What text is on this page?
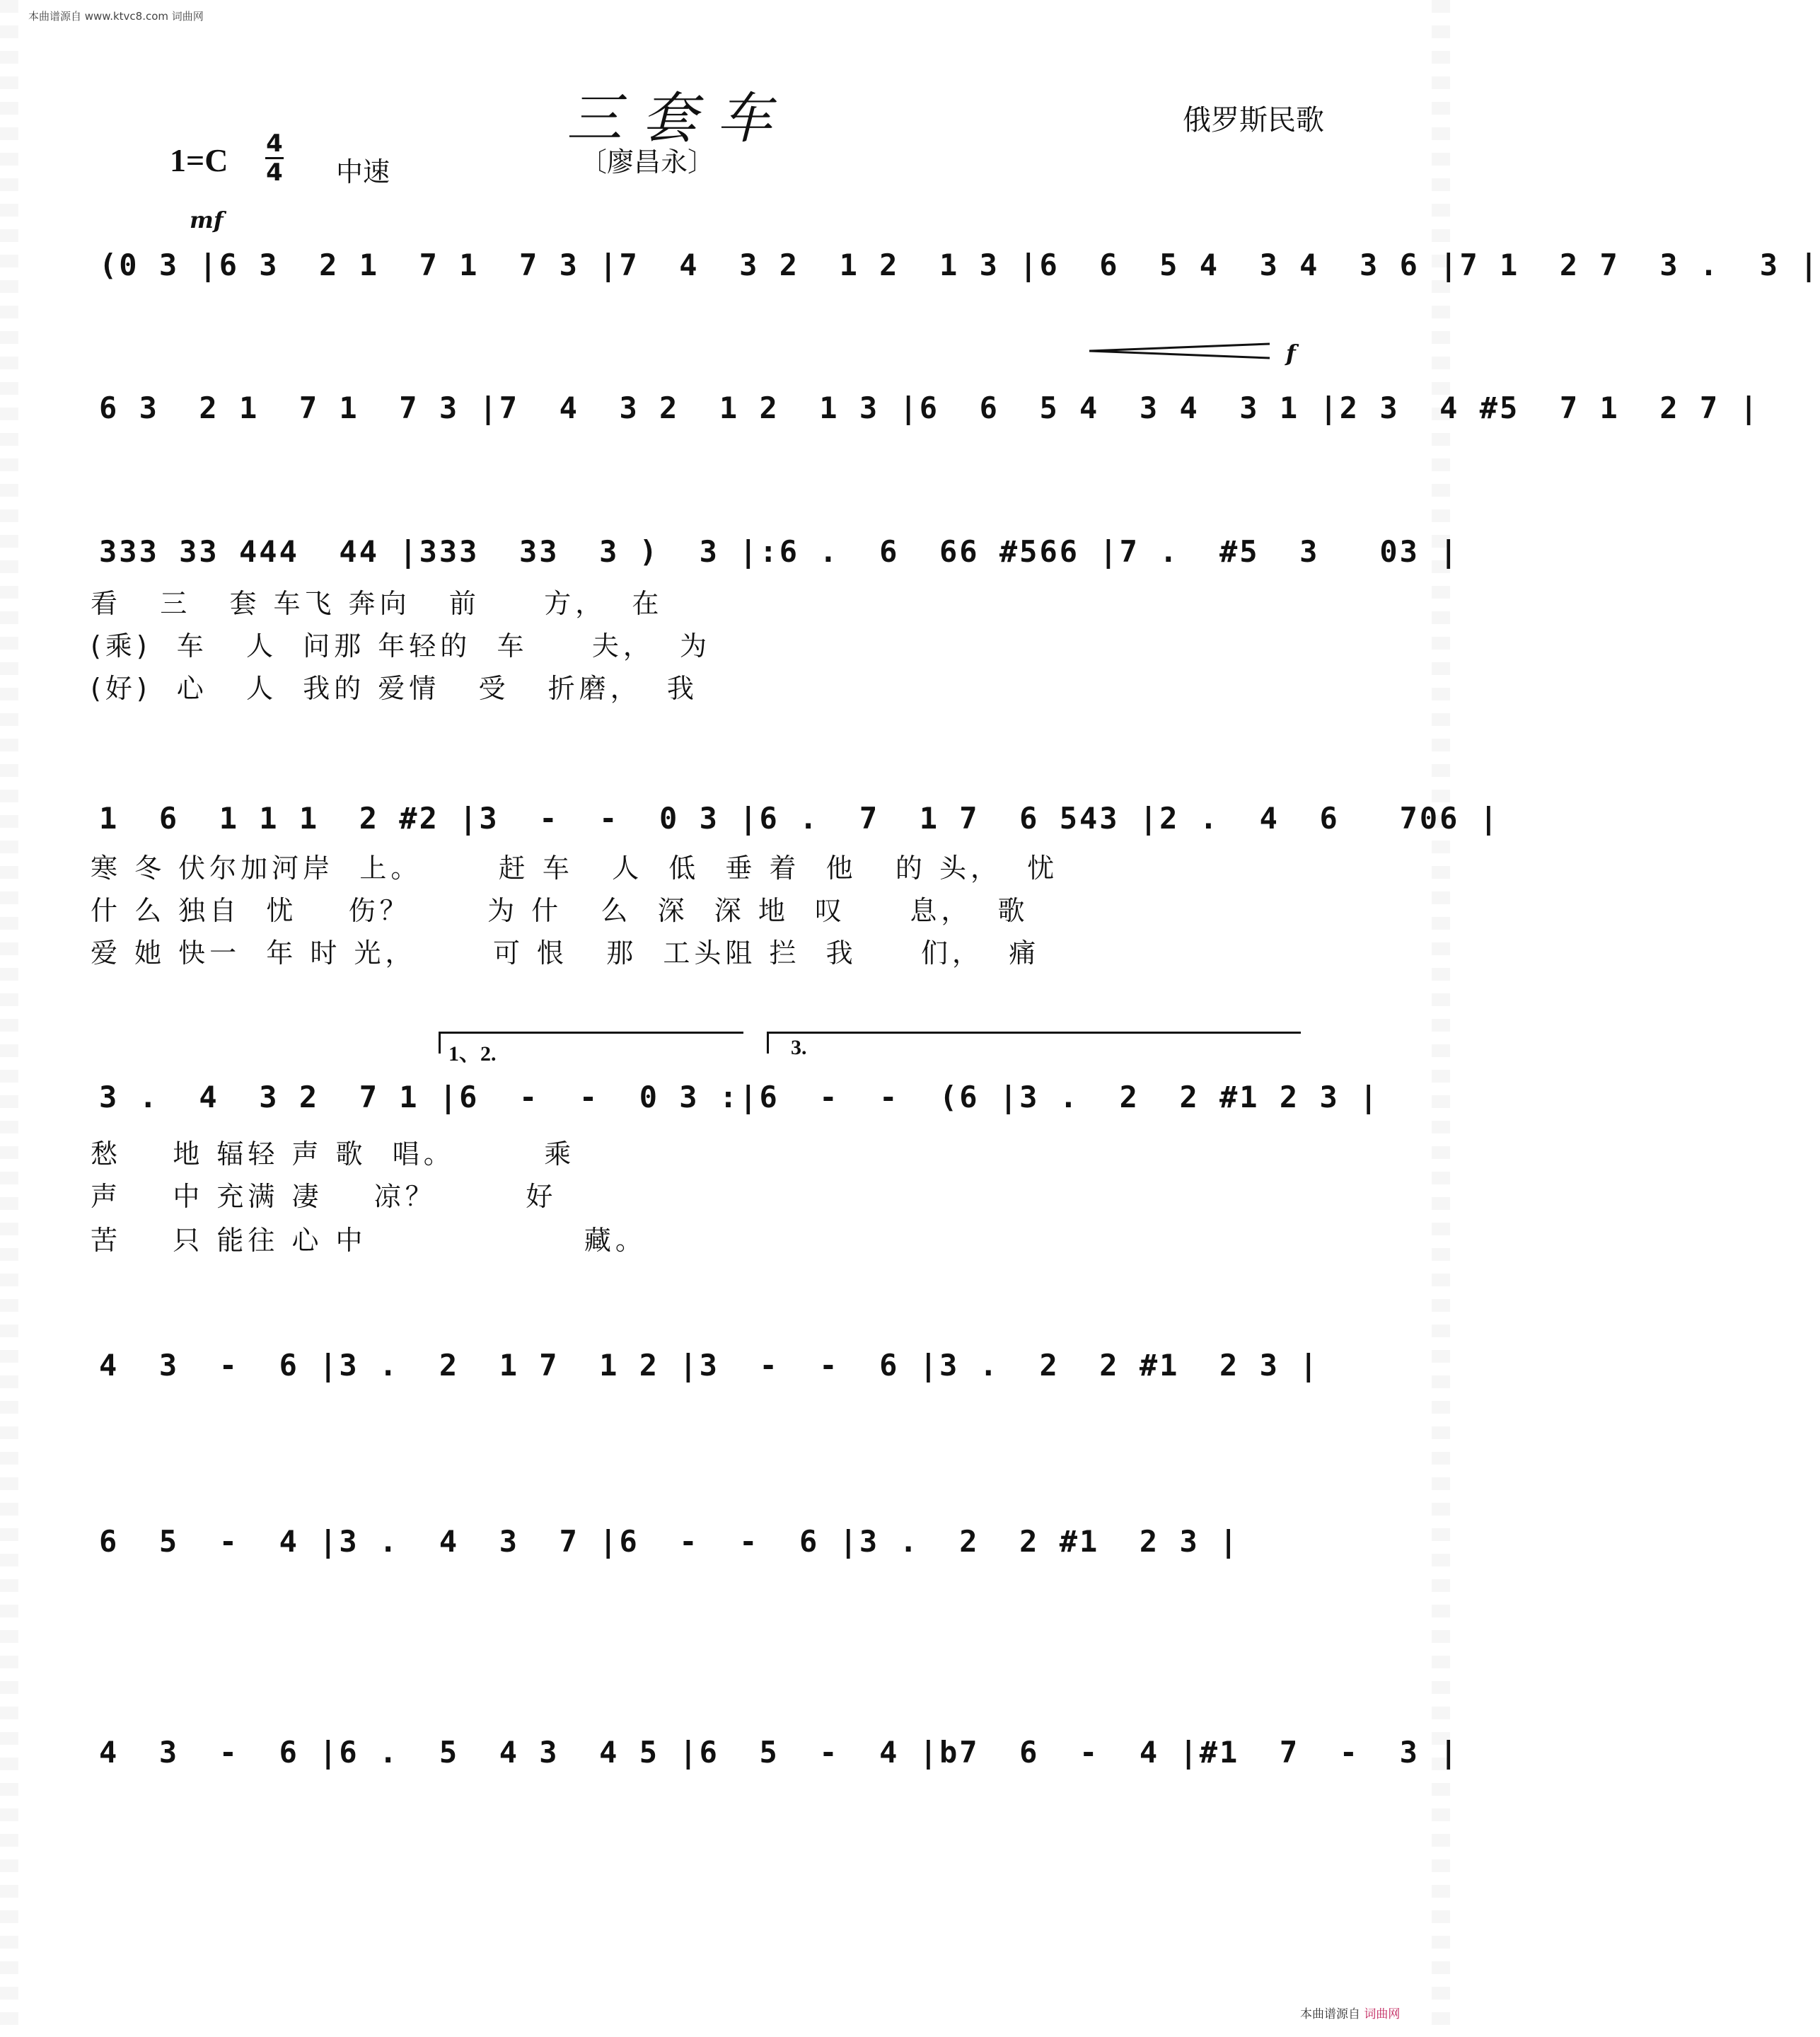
本曲谱源自 www.ktvc8.com 词曲网
三套车
〔廖昌永〕
俄罗斯民歌
1=C 4
4 中速
mf
f
(0 3 |6 3  2 1  7 1  7 3 |7  4  3 2  1 2  1 3 |6  6  5 4  3 4  3 6 |7 1  2 7  3 .  3 |
6 3  2 1  7 1  7 3 |7  4  3 2  1 2  1 3 |6  6  5 4  3 4  3 1 |2 3  4 #5  7 1  2 7 |
333 33 444  44 |333  33  3 )  3 |:6 .  6  66 #566 |7 .  #5  3   03 |
看   三   套 车飞 奔向   前     方，  在
(乘)  车   人  问那 年轻的  车     夫，  为
(好)  心   人  我的 爱情   受   折磨，  我
1  6  1 1 1  2 #2 |3  -  -  0 3 |6 .  7  1 7  6 543 |2 .  4  6   706 |
寒 冬 伏尔加河岸  上。      赶 车   人  低  垂 着  他   的 头，  忧
什 么 独自  忧    伤？      为 什   么  深  深 地  叹     息，  歌
爱 她 快一  年 时 光，      可 恨   那  工头阻 拦  我     们，  痛
1、2.	3.
3 .  4  3 2  7 1 |6  -  -  0 3 :|6  -  -  (6 |3 .  2  2 #1 2 3 |
愁    地 辐轻 声 歌  唱。       乘
声    中 充满 凄    凉？       好
苦    只 能往 心 中                 藏。
4  3  -  6 |3 .  2  1 7  1 2 |3  -  -  6 |3 .  2  2 #1  2 3 |
6  5  -  4 |3 .  4  3  7 |6  -  -  6 |3 .  2  2 #1  2 3 |
4  3  -  6 |6 .  5  4 3  4 5 |6  5  -  4 |b7  6  -  4 |#1  7  -  3 |
本曲谱源自 词曲网
